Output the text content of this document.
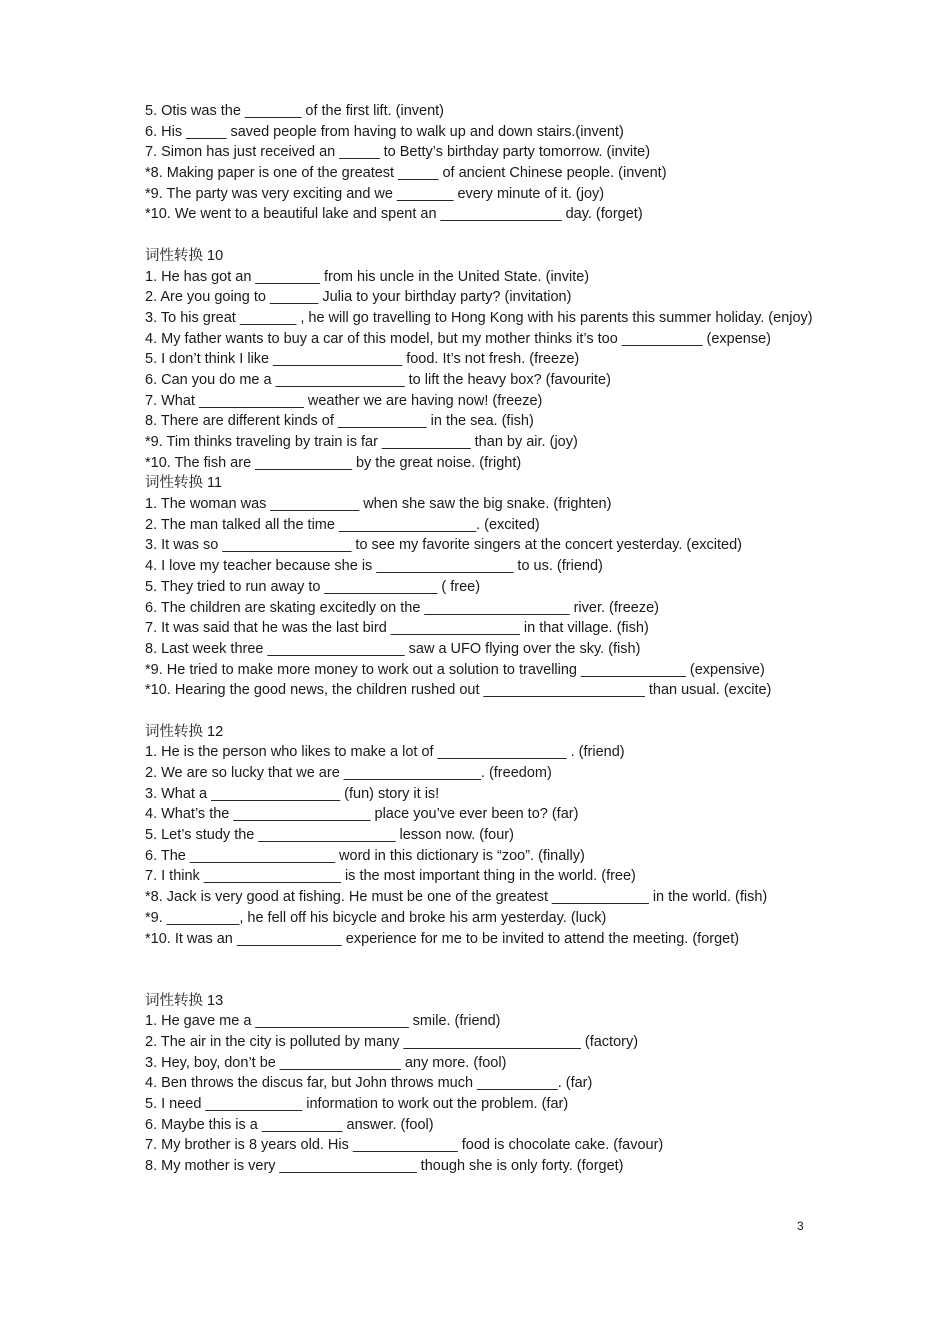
5. Otis was the _______ of the first lift. (invent)
6. His _____ saved people from having to walk up and down stairs.(invent)
7. Simon has just received an _____ to Betty’s birthday party tomorrow. (invite)
*8. Making paper is one of the greatest _____ of ancient Chinese people. (invent)
*9. The party was very exciting and we _______ every minute of it. (joy)
*10. We went to a beautiful lake and spent an _______________ day. (forget)
词性转换 10
1. He has got an ________ from his uncle in the United State. (invite)
2. Are you going to ______ Julia to your birthday party? (invitation)
3. To his great _______ , he will go travelling to Hong Kong with his parents this summer holiday. (enjoy)
4. My father wants to buy a car of this model, but my mother thinks it’s too __________ (expense)
5. I don’t think I like ________________ food. It’s not fresh. (freeze)
6. Can you do me a ________________ to lift the heavy box? (favourite)
7. What _____________ weather we are having now! (freeze)
8. There are different kinds of ___________ in the sea. (fish)
*9. Tim thinks traveling by train is far ___________ than by air. (joy)
*10. The fish are ____________ by the great noise. (fright)
词性转换 11
1. The woman was ___________ when she saw the big snake. (frighten)
2. The man talked all the time _________________. (excited)
3. It was so ________________ to see my favorite singers at the concert yesterday. (excited)
4. I love my teacher because she is _________________ to us. (friend)
5. They tried to run away to ______________ ( free)
6. The children are skating excitedly on the __________________ river. (freeze)
7. It was said that he was the last bird ________________ in that village. (fish)
8. Last week three _________________ saw a UFO flying over the sky. (fish)
*9. He tried to make more money to work out a solution to travelling _____________ (expensive)
*10. Hearing the good news, the children rushed out ____________________ than usual. (excite)
词性转换 12
1. He is the person who likes to make a lot of ________________ . (friend)
2. We are so lucky that we are _________________. (freedom)
3. What a ________________ (fun) story it is!
4. What’s the _________________ place you’ve ever been to? (far)
5. Let’s study the _________________ lesson now. (four)
6. The __________________ word in this dictionary is “zoo”. (finally)
7. I think _________________ is the most important thing in the world. (free)
*8. Jack is very good at fishing. He must be one of the greatest ____________ in the world. (fish)
*9. _________, he fell off his bicycle and broke his arm yesterday. (luck)
*10. It was an _____________ experience for me to be invited to attend the meeting. (forget)
词性转换 13
1. He gave me a ___________________ smile. (friend)
2. The air in the city is polluted by many ______________________ (factory)
3. Hey, boy, don’t be _______________ any more. (fool)
4. Ben throws the discus far, but John throws much __________. (far)
5. I need ____________ information to work out the problem. (far)
6. Maybe this is a __________ answer. (fool)
7. My brother is 8 years old. His _____________ food is chocolate cake. (favour)
8. My mother is very _________________ though she is only forty. (forget)
3
